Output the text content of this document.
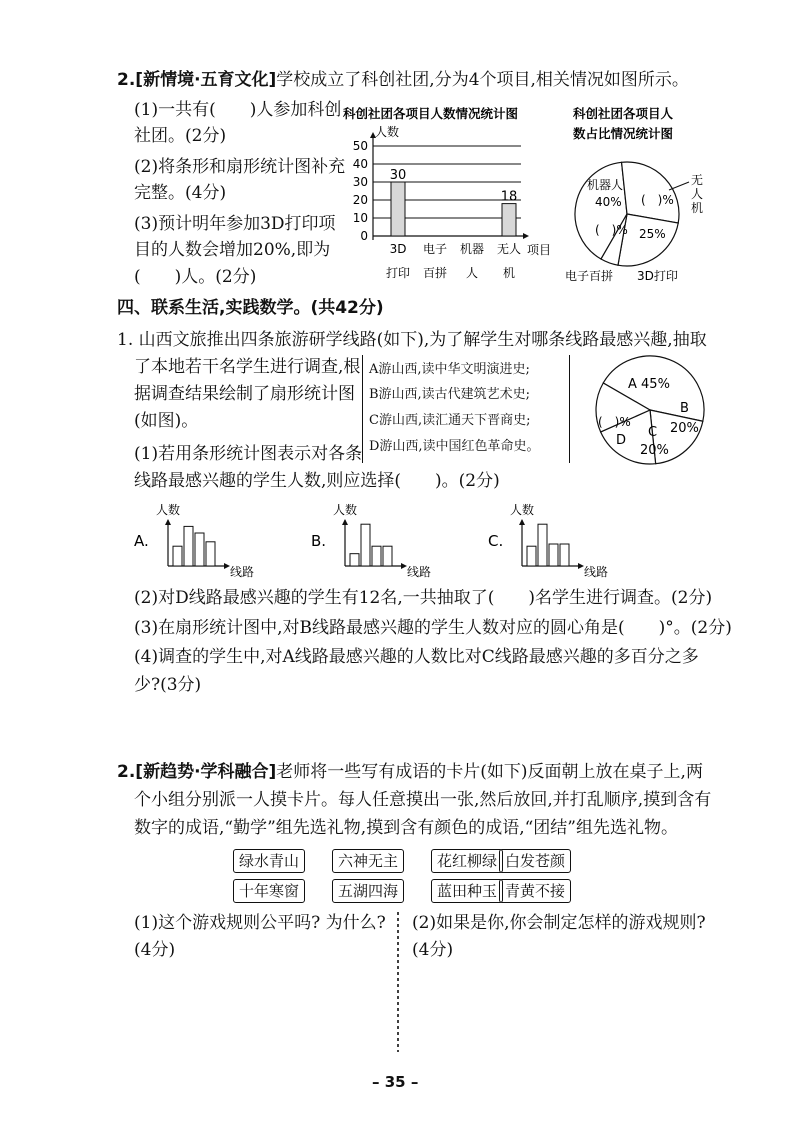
2.[新情境·五育文化]学校成立了科创社团,分为4个项目,相关情况如图所示。
(1)一共有(　　)人参加科创
社团。(2分)
(2)将条形和扇形统计图补充
完整。(4分)
(3)预计明年参加3D打印项
目的人数会增加20%,即为
(　　)人。(2分)
科创社团各项目人数情况统计图
人数
0
10
20
30
40
50
30
18
3D
打印
电子
百拼
机器
人
无人
机
项目
科创社团各项目人
数占比情况统计图
机器人
40% (　)%
25%
(　)%
无
人
机
电子百拼 3D打印
四、联系生活,实践数学。(共42分)
1. 山西文旅推出四条旅游研学线路(如下),为了解学生对哪条线路最感兴趣,抽取
了本地若干名学生进行调查,根
据调查结果绘制了扇形统计图
(如图)。
A游山西,读中华文明演进史;
B游山西,读古代建筑艺术史;
C游山西,读汇通天下晋商史;
D游山西,读中国红色革命史。
A 45%
B
20%
C
20%
(　)%
D
(1)若用条形统计图表示对各条
线路最感兴趣的学生人数,则应选择(　　)。(2分)
A.
人数
线路
B.
人数
线路
C.
人数
线路
(2)对D线路最感兴趣的学生有12名,一共抽取了(　　)名学生进行调查。(2分)
(3)在扇形统计图中,对B线路最感兴趣的学生人数对应的圆心角是(　　)°。(2分)
(4)调查的学生中,对A线路最感兴趣的人数比对C线路最感兴趣的多百分之多
少?(3分)
2.[新趋势·学科融合]老师将一些写有成语的卡片(如下)反面朝上放在桌子上,两
个小组分别派一人摸卡片。每人任意摸出一张,然后放回,并打乱顺序,摸到含有
数字的成语,“勤学”组先选礼物,摸到含有颜色的成语,“团结”组先选礼物。
绿水青山	六神无主	花红柳绿 白发苍颜
十年寒窗	五湖四海	蓝田种玉 青黄不接
(1)这个游戏规则公平吗? 为什么?
(4分)
(2)如果是你,你会制定怎样的游戏规则?
(4分)
– 35 –
